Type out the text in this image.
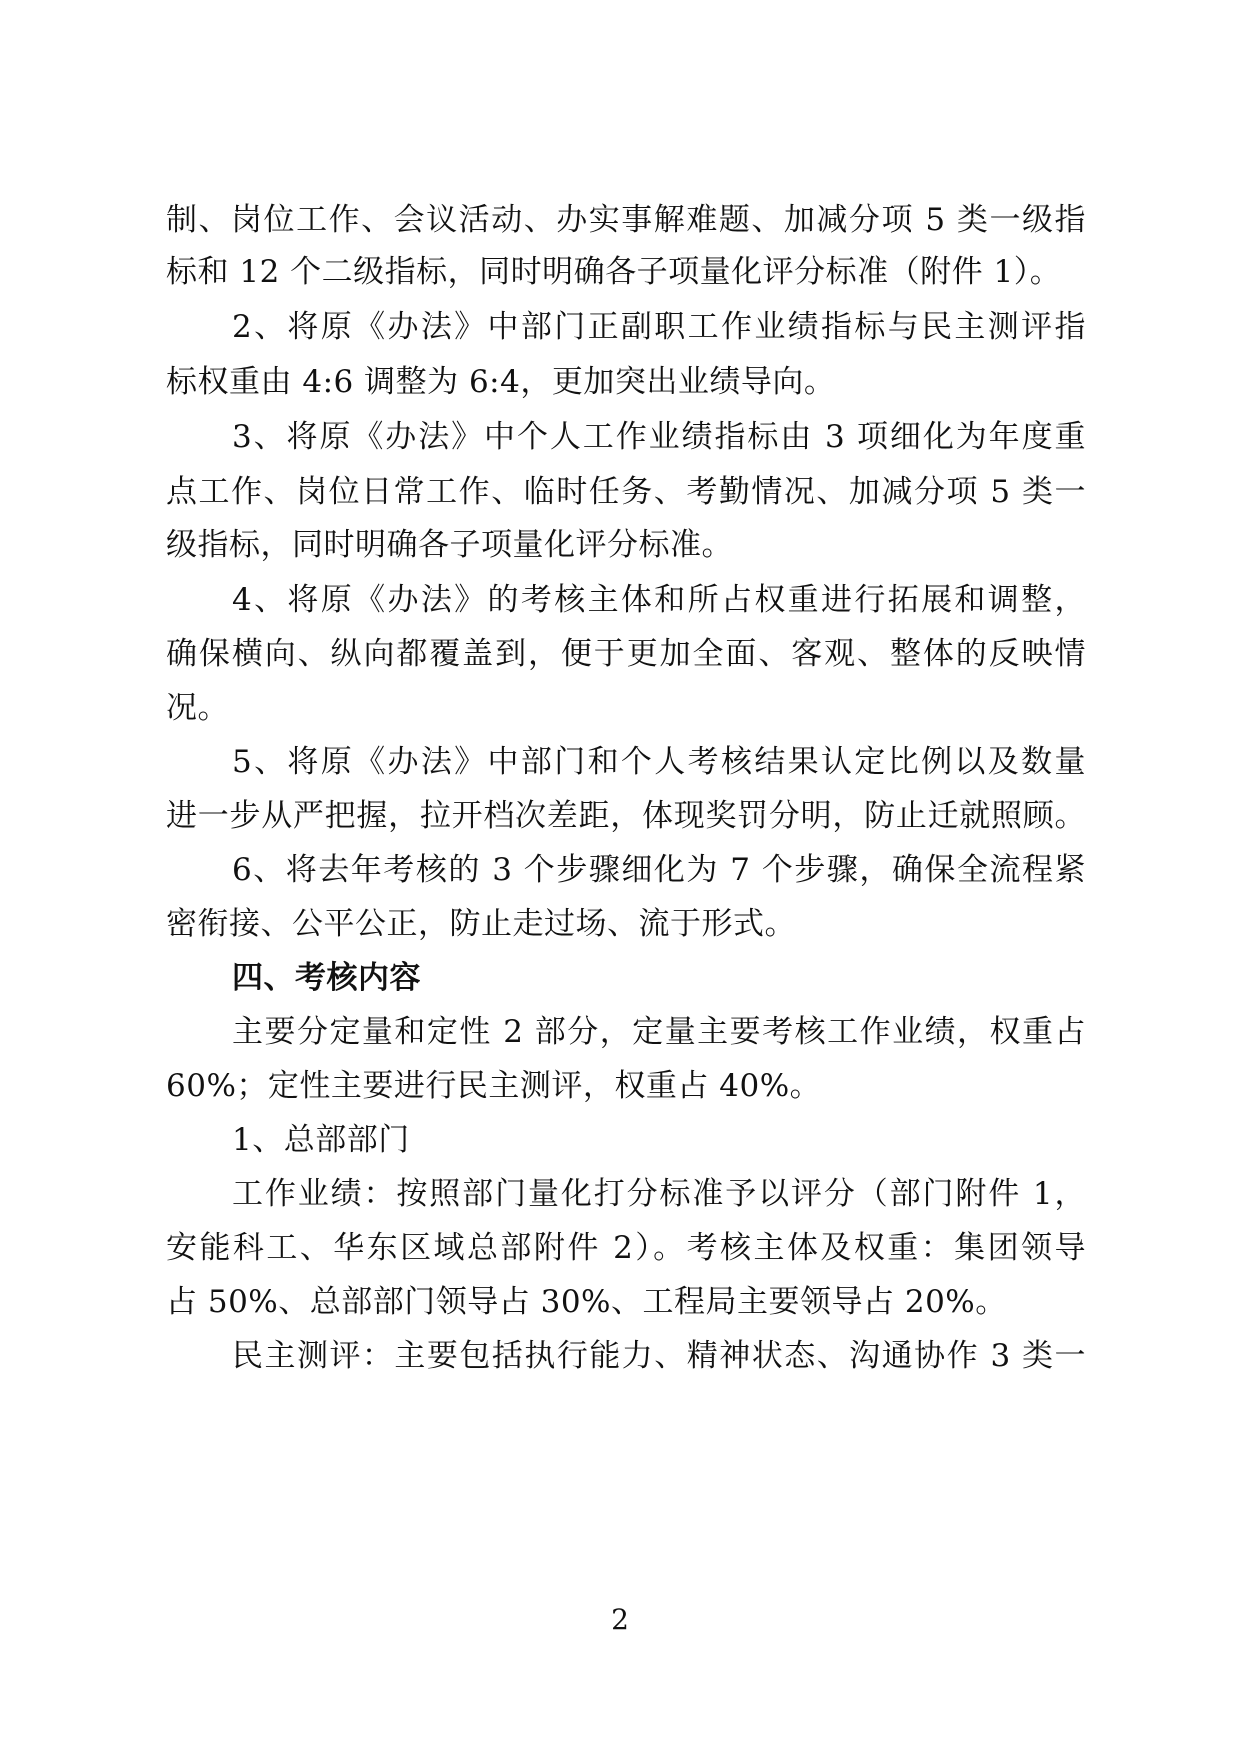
制、岗位工作、会议活动、办实事解难题、加减分项 5 类一级指
标和 12 个二级指标，同时明确各子项量化评分标准（附件 1）。
2、将原《办法》中部门正副职工作业绩指标与民主测评指
标权重由 4:6 调整为 6:4，更加突出业绩导向。
3、将原《办法》中个人工作业绩指标由 3 项细化为年度重
点工作、岗位日常工作、临时任务、考勤情况、加减分项 5 类一
级指标，同时明确各子项量化评分标准。
4、将原《办法》的考核主体和所占权重进行拓展和调整，
确保横向、纵向都覆盖到，便于更加全面、客观、整体的反映情
况。
5、将原《办法》中部门和个人考核结果认定比例以及数量
进一步从严把握，拉开档次差距，体现奖罚分明，防止迁就照顾。
6、将去年考核的 3 个步骤细化为 7 个步骤，确保全流程紧
密衔接、公平公正，防止走过场、流于形式。
四、考核内容
主要分定量和定性 2 部分，定量主要考核工作业绩，权重占
60%；定性主要进行民主测评，权重占 40%。
1、总部部门
工作业绩：按照部门量化打分标准予以评分（部门附件 1，
安能科工、华东区域总部附件 2）。考核主体及权重：集团领导
占 50%、总部部门领导占 30%、工程局主要领导占 20%。
民主测评：主要包括执行能力、精神状态、沟通协作 3 类一
2
